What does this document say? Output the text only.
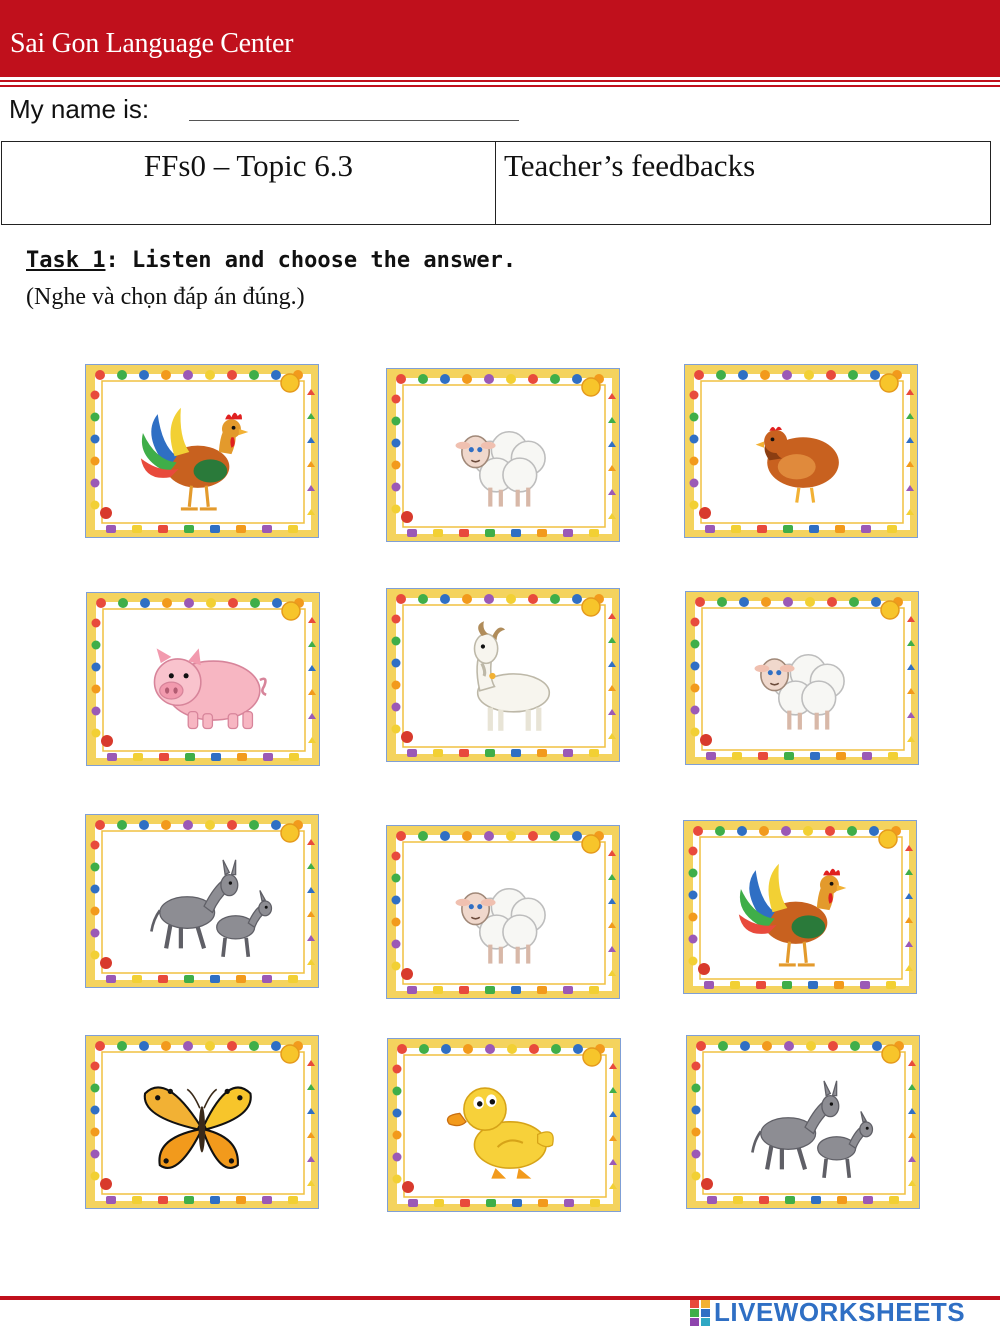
Sai Gon Language Center
My name is:
FFs0 – Topic 6.3	Teacher’s feedbacks
Task 1: Listen and choose the answer.
(Nghe và chọn đáp án đúng.)
LIVEWORKSHEETS
